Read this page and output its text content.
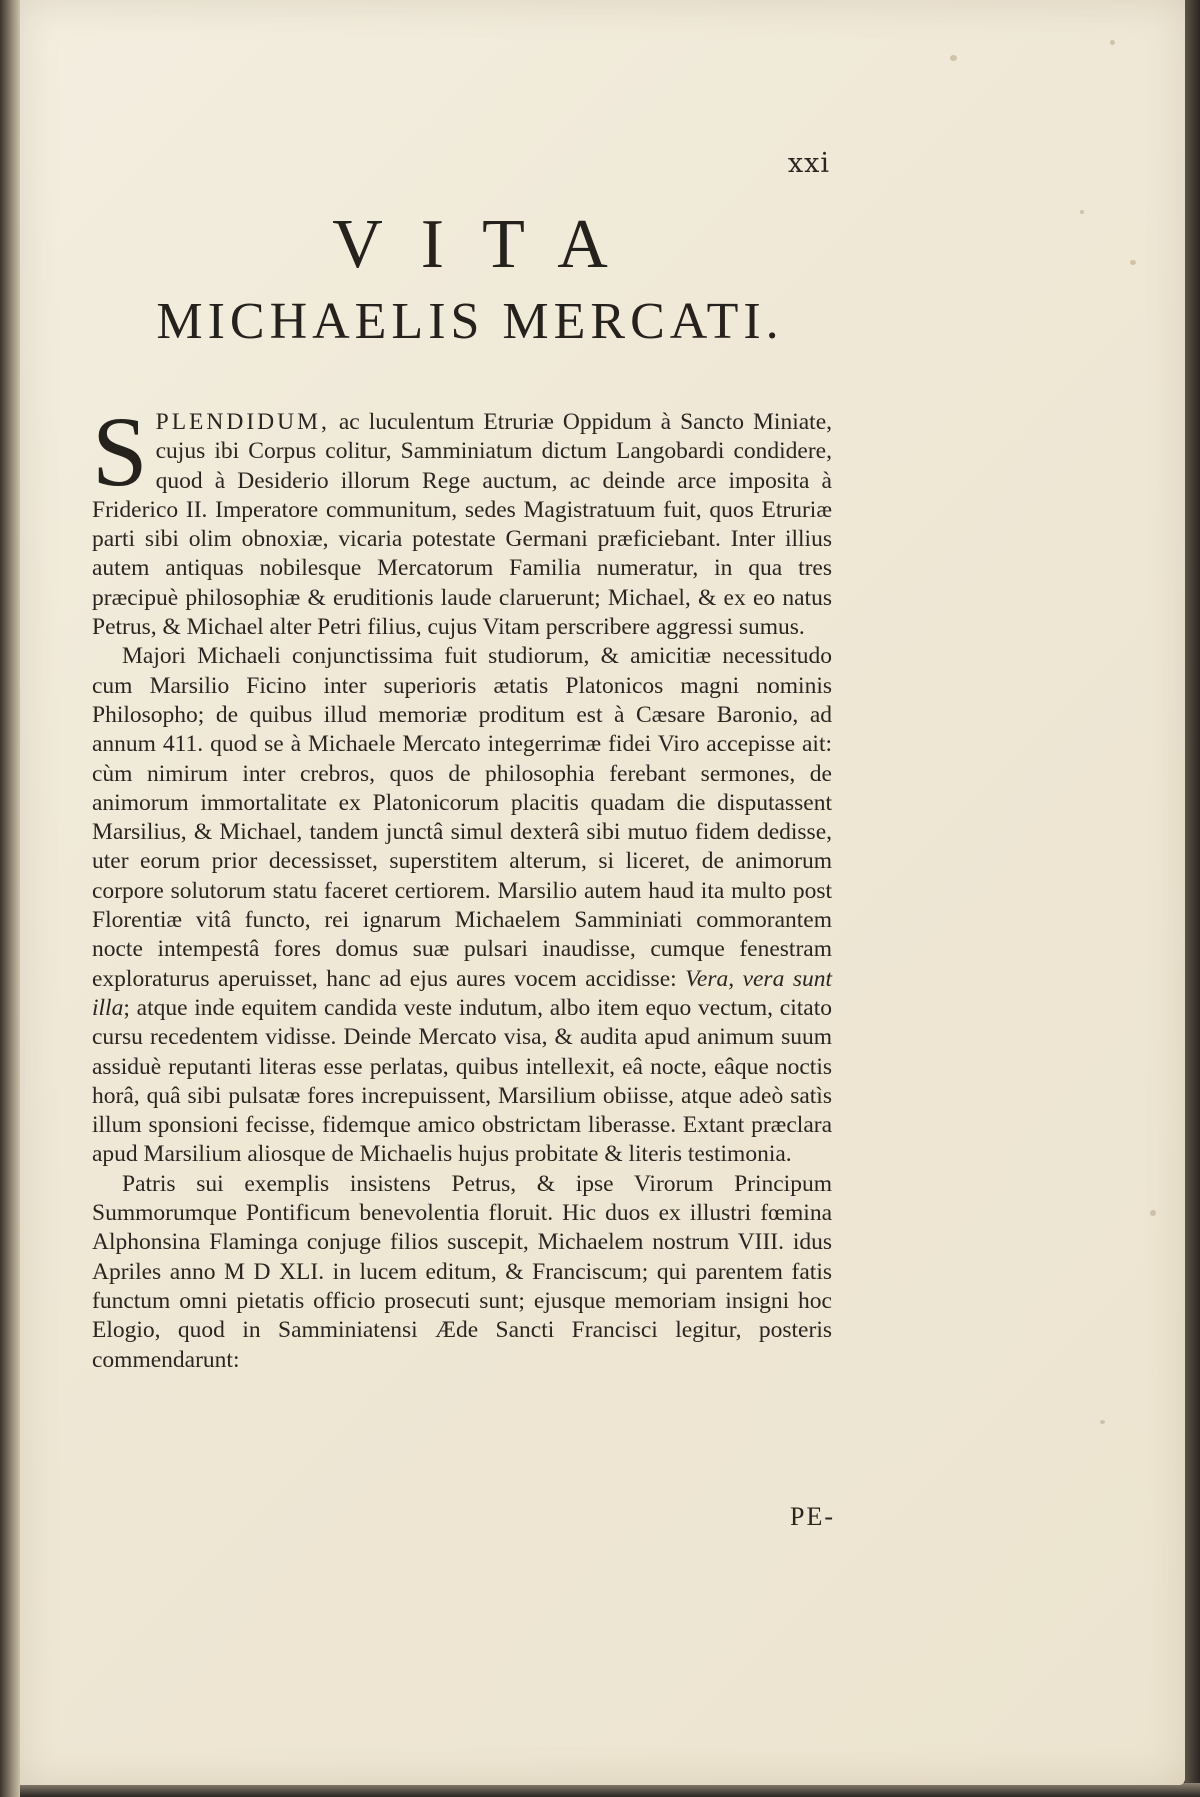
xxi
VITA
MICHAELIS MERCATI.

SPLENDIDUM, ac luculentum Etruriæ Oppidum à Sancto Miniate, cujus ibi Corpus colitur, Samminiatum dictum Langobardi condidere, quod à Desiderio illorum Rege auctum, ac deinde arce imposita à Friderico II. Imperatore communitum, sedes Magistratuum fuit, quos Etruriæ parti sibi olim obnoxiæ, vicaria potestate Germani præficiebant. Inter illius autem antiquas nobilesque Mercatorum Familia numeratur, in qua tres præcipuè philosophiæ & eruditionis laude claruerunt; Michael, & ex eo natus Petrus, & Michael alter Petri filius, cujus Vitam perscribere aggressi sumus.

Majori Michaeli conjunctissima fuit studiorum, & amicitiæ necessitudo cum Marsilio Ficino inter superioris ætatis Platonicos magni nominis Philosopho; de quibus illud memoriæ proditum est à Cæsare Baronio, ad annum 411. quod se à Michaele Mercato integerrimæ fidei Viro accepisse ait: cùm nimirum inter crebros, quos de philosophia ferebant sermones, de animorum immortalitate ex Platonicorum placitis quadam die disputassent Marsilius, & Michael, tandem junctâ simul dexterâ sibi mutuo fidem dedisse, uter eorum prior decessisset, superstitem alterum, si liceret, de animorum corpore solutorum statu faceret certiorem. Marsilio autem haud ita multo post Florentiæ vitâ functo, rei ignarum Michaelem Samminiati commorantem nocte intempestâ fores domus suæ pulsari inaudisse, cumque fenestram exploraturus aperuisset, hanc ad ejus aures vocem accidisse: Vera, vera sunt illa; atque inde equitem candida veste indutum, albo item equo vectum, citato cursu recedentem vidisse. Deinde Mercato visa, & audita apud animum suum assiduè reputanti literas esse perlatas, quibus intellexit, eâ nocte, eâque noctis horâ, quâ sibi pulsatæ fores increpuissent, Marsilium obiisse, atque adeò satìs illum sponsioni fecisse, fidemque amico obstrictam liberasse. Extant præclara apud Marsilium aliosque de Michaelis hujus probitate & literis testimonia.

Patris sui exemplis insistens Petrus, & ipse Virorum Principum Summorumque Pontificum benevolentia floruit. Hic duos ex illustri fœmina Alphonsina Flaminga conjuge filios suscepit, Michaelem nostrum VIII. idus Apriles anno M D XLI. in lucem editum, & Franciscum; qui parentem fatis functum omni pietatis officio prosecuti sunt; ejusque memoriam insigni hoc Elogio, quod in Samminiatensi Æde Sancti Francisci legitur, posteris commendarunt:

PE-
